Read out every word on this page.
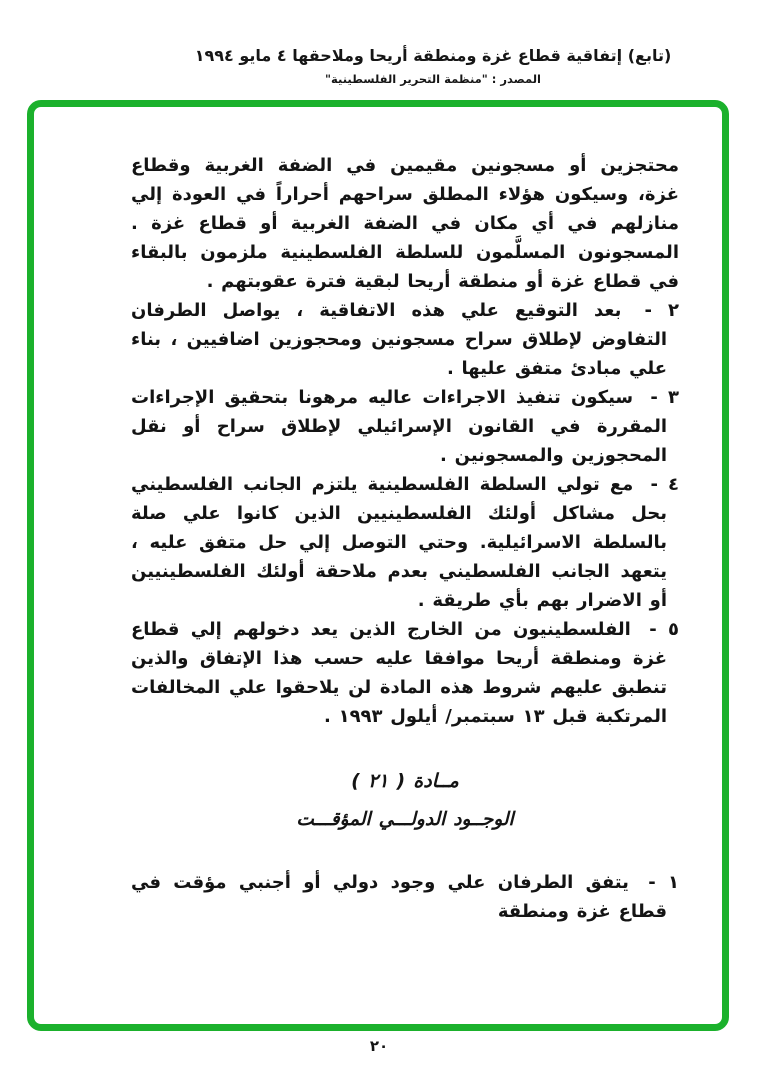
(تابع) إتفاقية قطاع غزة ومنطقة أريحا وملاحقها ٤ مايو ١٩٩٤
المصدر : "منظمة التحرير الفلسطينية"

محتجزين أو مسجونين مقيمين في الضفة الغربية وقطاع غزة، وسيكون هؤلاء المطلق سراحهم أحراراً في العودة إلي منازلهم في أي مكان في الضفة الغربية أو قطاع غزة . المسجونون المسلَّمون للسلطة الفلسطينية ملزمون بالبقاء في قطاع غزة أو منطقة أريحا لبقية فترة عقوبتهم .

٢ - بعد التوقيع علي هذه الاتفاقية ، يواصل الطرفان التفاوض لإطلاق سراح مسجونين ومحجوزين اضافيين ، بناء علي مبادئ متفق عليها .

٣ - سيكون تنفيذ الاجراءات عاليه مرهونا بتحقيق الإجراءات المقررة في القانون الإسرائيلي لإطلاق سراح أو نقل المحجوزين والمسجونين .

٤ - مع تولي السلطة الفلسطينية يلتزم الجانب الفلسطيني بحل مشاكل أولئك الفلسطينيين الذين كانوا علي صلة بالسلطة الاسرائيلية. وحتي التوصل إلي حل متفق عليه ، يتعهد الجانب الفلسطيني بعدم ملاحقة أولئك الفلسطينيين أو الاضرار بهم بأي طريقة .

٥ - الفلسطينيون من الخارج الذين يعد دخولهم إلي قطاع غزة ومنطقة أريحا موافقا عليه حسب هذا الإتفاق والذين تنطبق عليهم شروط هذه المادة لن يلاحقوا علي المخالفات المرتكبة قبل ١٣ سبتمبر/ أيلول ١٩٩٣ .

مــادة ( ٢١ )
الوجــود الدولـــي المؤقـــت

١ - يتفق الطرفان علي وجود دولي أو أجنبي مؤقت في قطاع غزة ومنطقة

٢٠
